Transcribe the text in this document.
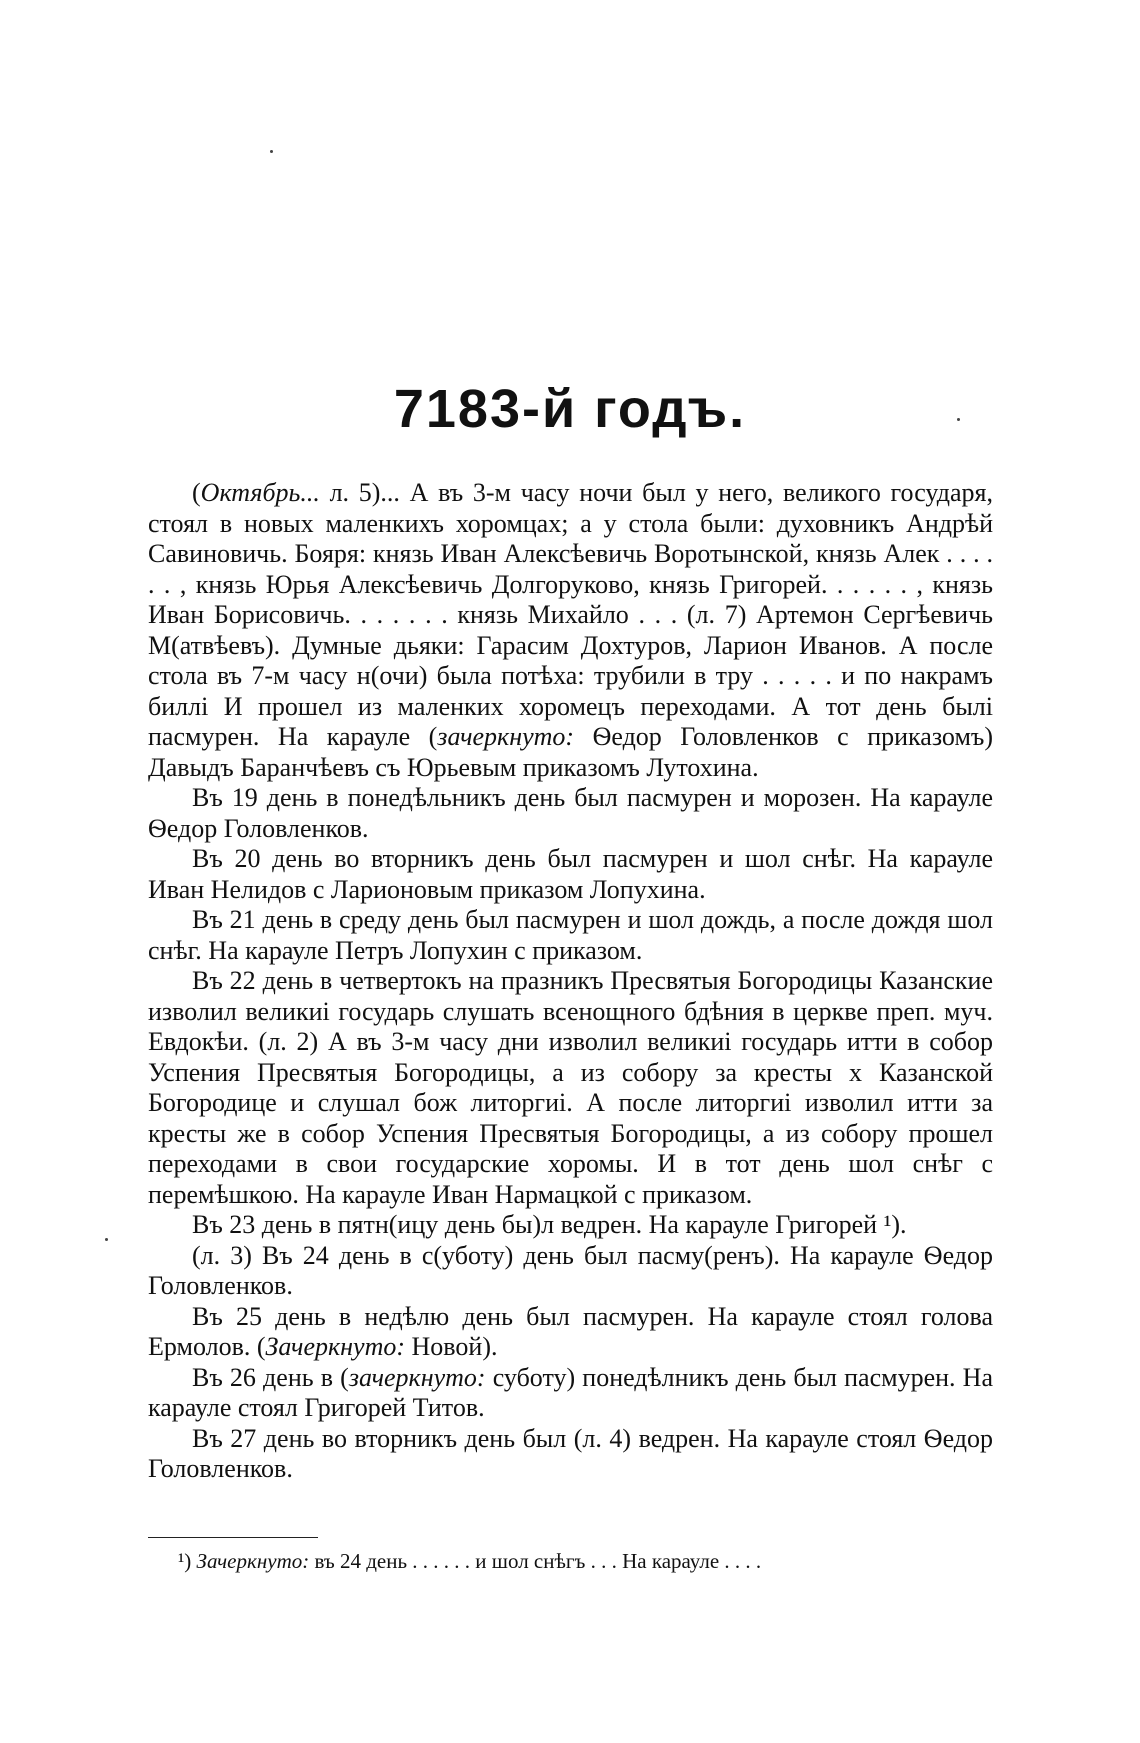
7183-й годъ.

(Октябрь... л. 5)... А въ 3-м часу ночи был у него, великого государя, стоял в новых маленкихъ хоромцах; а у стола были: духовникъ Андрѣй Савиновичь. Бояря: князь Иван Алексѣевичь Воротынской, князь Алек . . . . . . , князь Юрья Алексѣевичь Долгоруково, князь Григорей. . . . . . , князь Иван Борисовичь. . . . . . . князь Михайло . . . (л. 7) Артемон Сергѣевичь М(атвѣевъ). Думные дьяки: Гарасим Дохтуров, Ларион Иванов. А после стола въ 7-м часу н(очи) была потѣха: трубили в тру . . . . . и по накрамъ биллі И прошел из маленких хоромецъ переходами. А тот день былі пасмурен. На карауле (зачеркнуто: Ѳедор Головленков с приказомъ) Давыдъ Баранчѣевъ съ Юрьевым приказомъ Лутохина.

Въ 19 день в понедѣльникъ день был пасмурен и морозен. На карауле Ѳедор Головленков.

Въ 20 день во вторникъ день был пасмурен и шол снѣг. На карауле Иван Нелидов с Ларионовым приказом Лопухина.

Въ 21 день в среду день был пасмурен и шол дождь, а после дождя шол снѣг. На карауле Петръ Лопухин с приказом.

Въ 22 день в четвертокъ на празникъ Пресвятыя Богородицы Казанские изволил великиі государь слушать всенощного бдѣния в церкве преп. муч. Евдокѣи. (л. 2) А въ 3-м часу дни изволил великиі государь итти в собор Успения Пресвятыя Богородицы, а из собору за кресты х Казанской Богородице и слушал бож литоргиі. А после литоргиі изволил итти за кресты же в собор Успения Пресвятыя Богородицы, а из собору прошел переходами в свои государские хоромы. И в тот день шол снѣг с перемѣшкою. На карауле Иван Нармацкой с приказом.

Въ 23 день в пятн(ицу день бы)л ведрен. На карауле Григорей ¹).

(л. 3) Въ 24 день в с(уботу) день был пасму(ренъ). На карауле Ѳедор Головленков.

Въ 25 день в недѣлю день был пасмурен. На карауле стоял голова Ермолов. (Зачеркнуто: Новой).

Въ 26 день в (зачеркнуто: суботу) понедѣлникъ день был пасмурен. На карауле стоял Григорей Титов.

Въ 27 день во вторникъ день был (л. 4) ведрен. На карауле стоял Ѳедор Головленков.

¹) Зачеркнуто: въ 24 день . . . . . . и шол снѣгъ . . . На карауле . . . .
